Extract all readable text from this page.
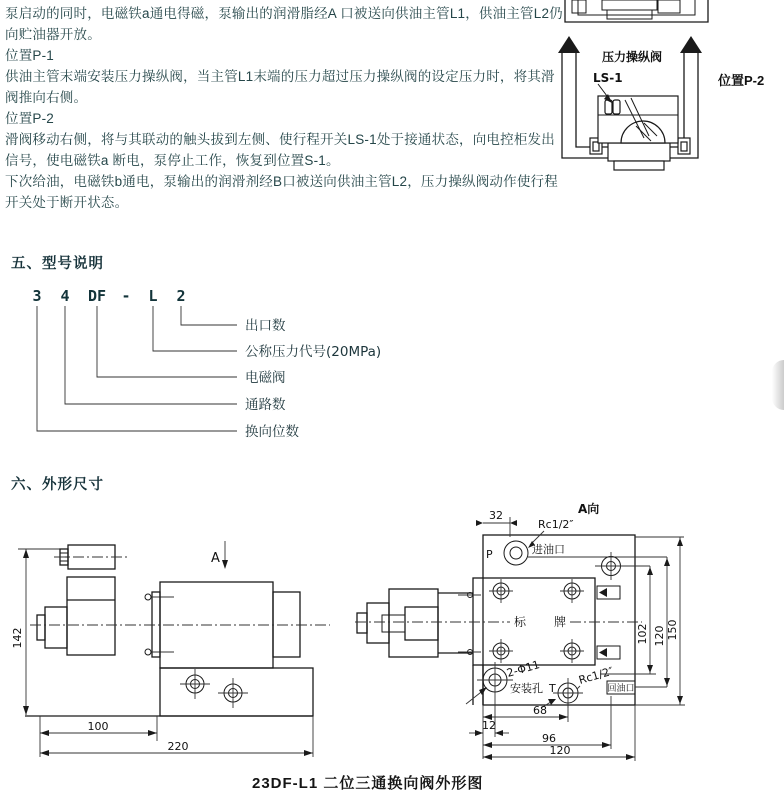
泵启动的同时，电磁铁a通电得磁，泵输出的润滑脂经A 口被送向供油主管L1，供油主管L2仍
向贮油器开放。
位置P-1
供油主管末端安装压力操纵阀，当主管L1末端的压力超过压力操纵阀的设定压力时，将其滑
阀推向右侧。
位置P-2
滑阀移动右侧，将与其联动的触头拔到左侧、使行程开关LS-1处于接通状态，向电控柜发出
信号，使电磁铁a 断电，泵停止工作，恢复到位置S-1。
下次给油，电磁铁b通电，泵输出的润滑剂经B口被送向供油主管L2，压力操纵阀动作使行程
开关处于断开状态。
压力操纵阀
LS-1	位置P-2
五、型号说明
3 4 DF - L 2
出口数
公称压力代号(20MPa)
电磁阀
通路数
换向位数
六、外形尺寸
A
142
100
220
A向
32
Rc1/2″
P	进油口
标　牌
2-Φ11
安装孔 T
Rc1/2″
回油口
102 120 150
68
12
96
120
23DF-L1 二位三通换向阀外形图
